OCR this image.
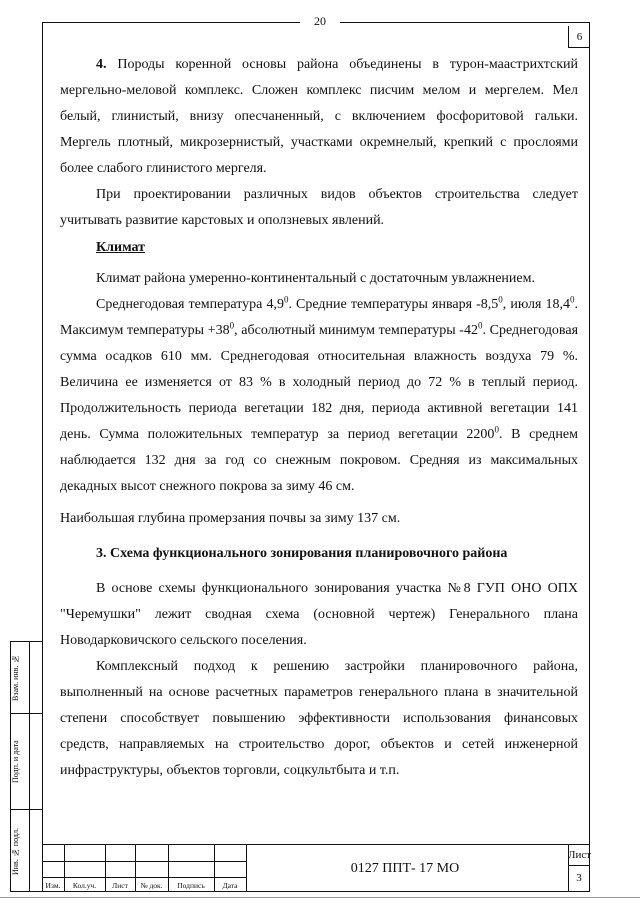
20
6

4. Породы коренной основы района объединены в турон-маастрихтский мергельно-меловой комплекс. Сложен комплекс писчим мелом и мергелем. Мел белый, глинистый, внизу опесчаненный, с включением фосфоритовой гальки. Мергель плотный, микрозернистый, участками окремнелый, крепкий с прослоями более слабого глинистого мергеля.

При проектировании различных видов объектов строительства следует учитывать развитие карстовых и оползневых явлений.

Климат

Климат района умеренно-континентальный с достаточным увлажнением.

Среднегодовая температура $4,9^0$. Средние температуры января $-8,5^0$, июля 18,4$^0$. Максимум температуры $+38^0$, абсолютный минимум температуры $-42^0$. Среднегодовая сумма осадков 610 мм. Среднегодовая относительная влажность воздуха 79 %. Величина ее изменяется от 83 % в холодный период до 72 % в теплый период. Продолжительность периода вегетации 182 дня, периода активной вегетации 141 день. Сумма положительных температур за период вегетации 2200$^0$. В среднем наблюдается 132 дня за год со снежным покровом. Средняя из максимальных декадных высот снежного покрова за зиму 46 см.

Наибольшая глубина промерзания почвы за зиму 137 см.

3. Схема функционального зонирования планировочного района

В основе схемы функционального зонирования участка №8 ГУП ОНО ОПХ "Черемушки" лежит сводная схема (основной чертеж) Генерального плана Новодарковичского сельского поселения.

Комплексный подход к решению застройки планировочного района, выполненный на основе расчетных параметров генерального плана в значительной степени способствует повышению эффективности использования финансовых средств, направляемых на строительство дорог, объектов и сетей инженерной инфраструктуры, объектов торговли, соцкультбыта и т.п.

Взам. инв. №
Подп. и дата
Инв. № подл.
Изм.	Кол.уч.	Лист	№ док.	Подпись	Дата
0127 ППТ- 17 МО
Лист
3
